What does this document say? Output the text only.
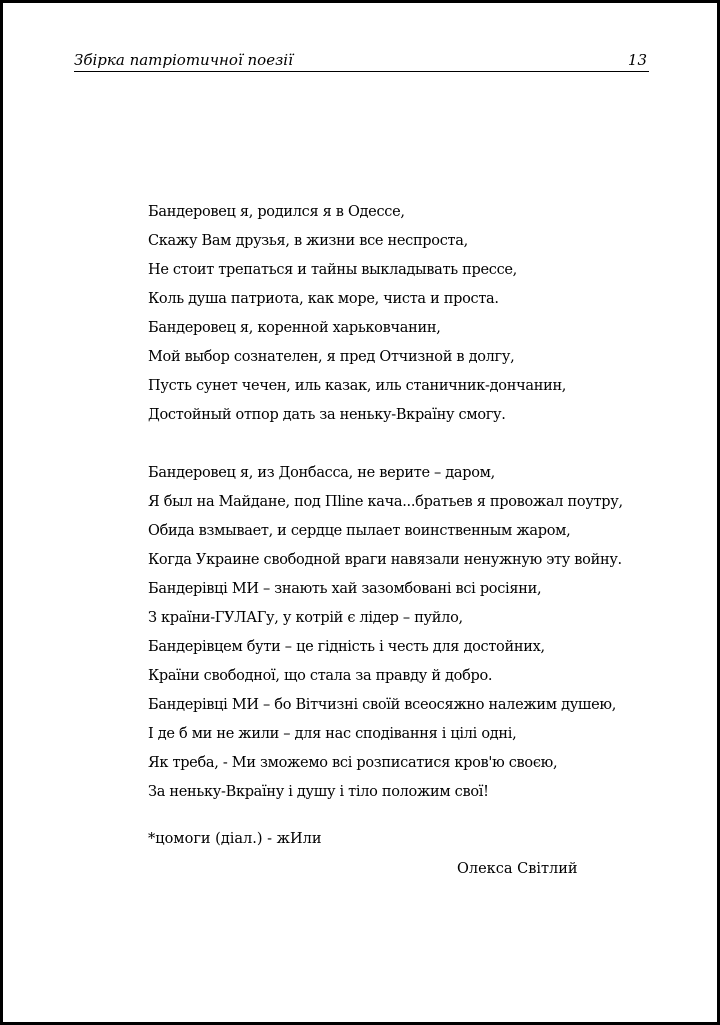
Збірка патріотичної поезії	13
Бандеровец я, родился я в Одессе,
Скажу Вам друзья, в жизни все неспроста,
Не стоит трепаться и тайны выкладывать прессе,
Коль душа патриота, как море, чиста и проста.
Бандеровец я, коренной харьковчанин,
Мой выбор сознателен, я пред Отчизной в долгу,
Пусть сунет чечен, иль казак, иль станичник-дончанин,
Достойный отпор дать за неньку-Вкраїну смогу.
Бандеровец я, из Донбасса, не верите – даром,
Я был на Майдане, под Пline кача...братьев я провожал поутру,
Обида взмывает, и сердце пылает воинственным жаром,
Когда Украине свободной враги навязали ненужную эту войну.
Бандерівці МИ – знають хай зазомбовані всі росіяни,
З країни-ГУЛАГу, у котрій є лідер – пуйло,
Бандерівцем бути – це гідність і честь для достойних,
Країни свободної, що стала за правду й добро.
Бандерівці МИ – бо Вітчизні своїй всеосяжно належим душею,
І де б ми не жили – для нас сподівання і цілі одні,
Як треба, - Ми зможемо всі розписатися кров'ю своєю,
За неньку-Вкраїну і душу і тіло положим свої!
*цомоги (діал.) - жИли
Олекса Світлий
